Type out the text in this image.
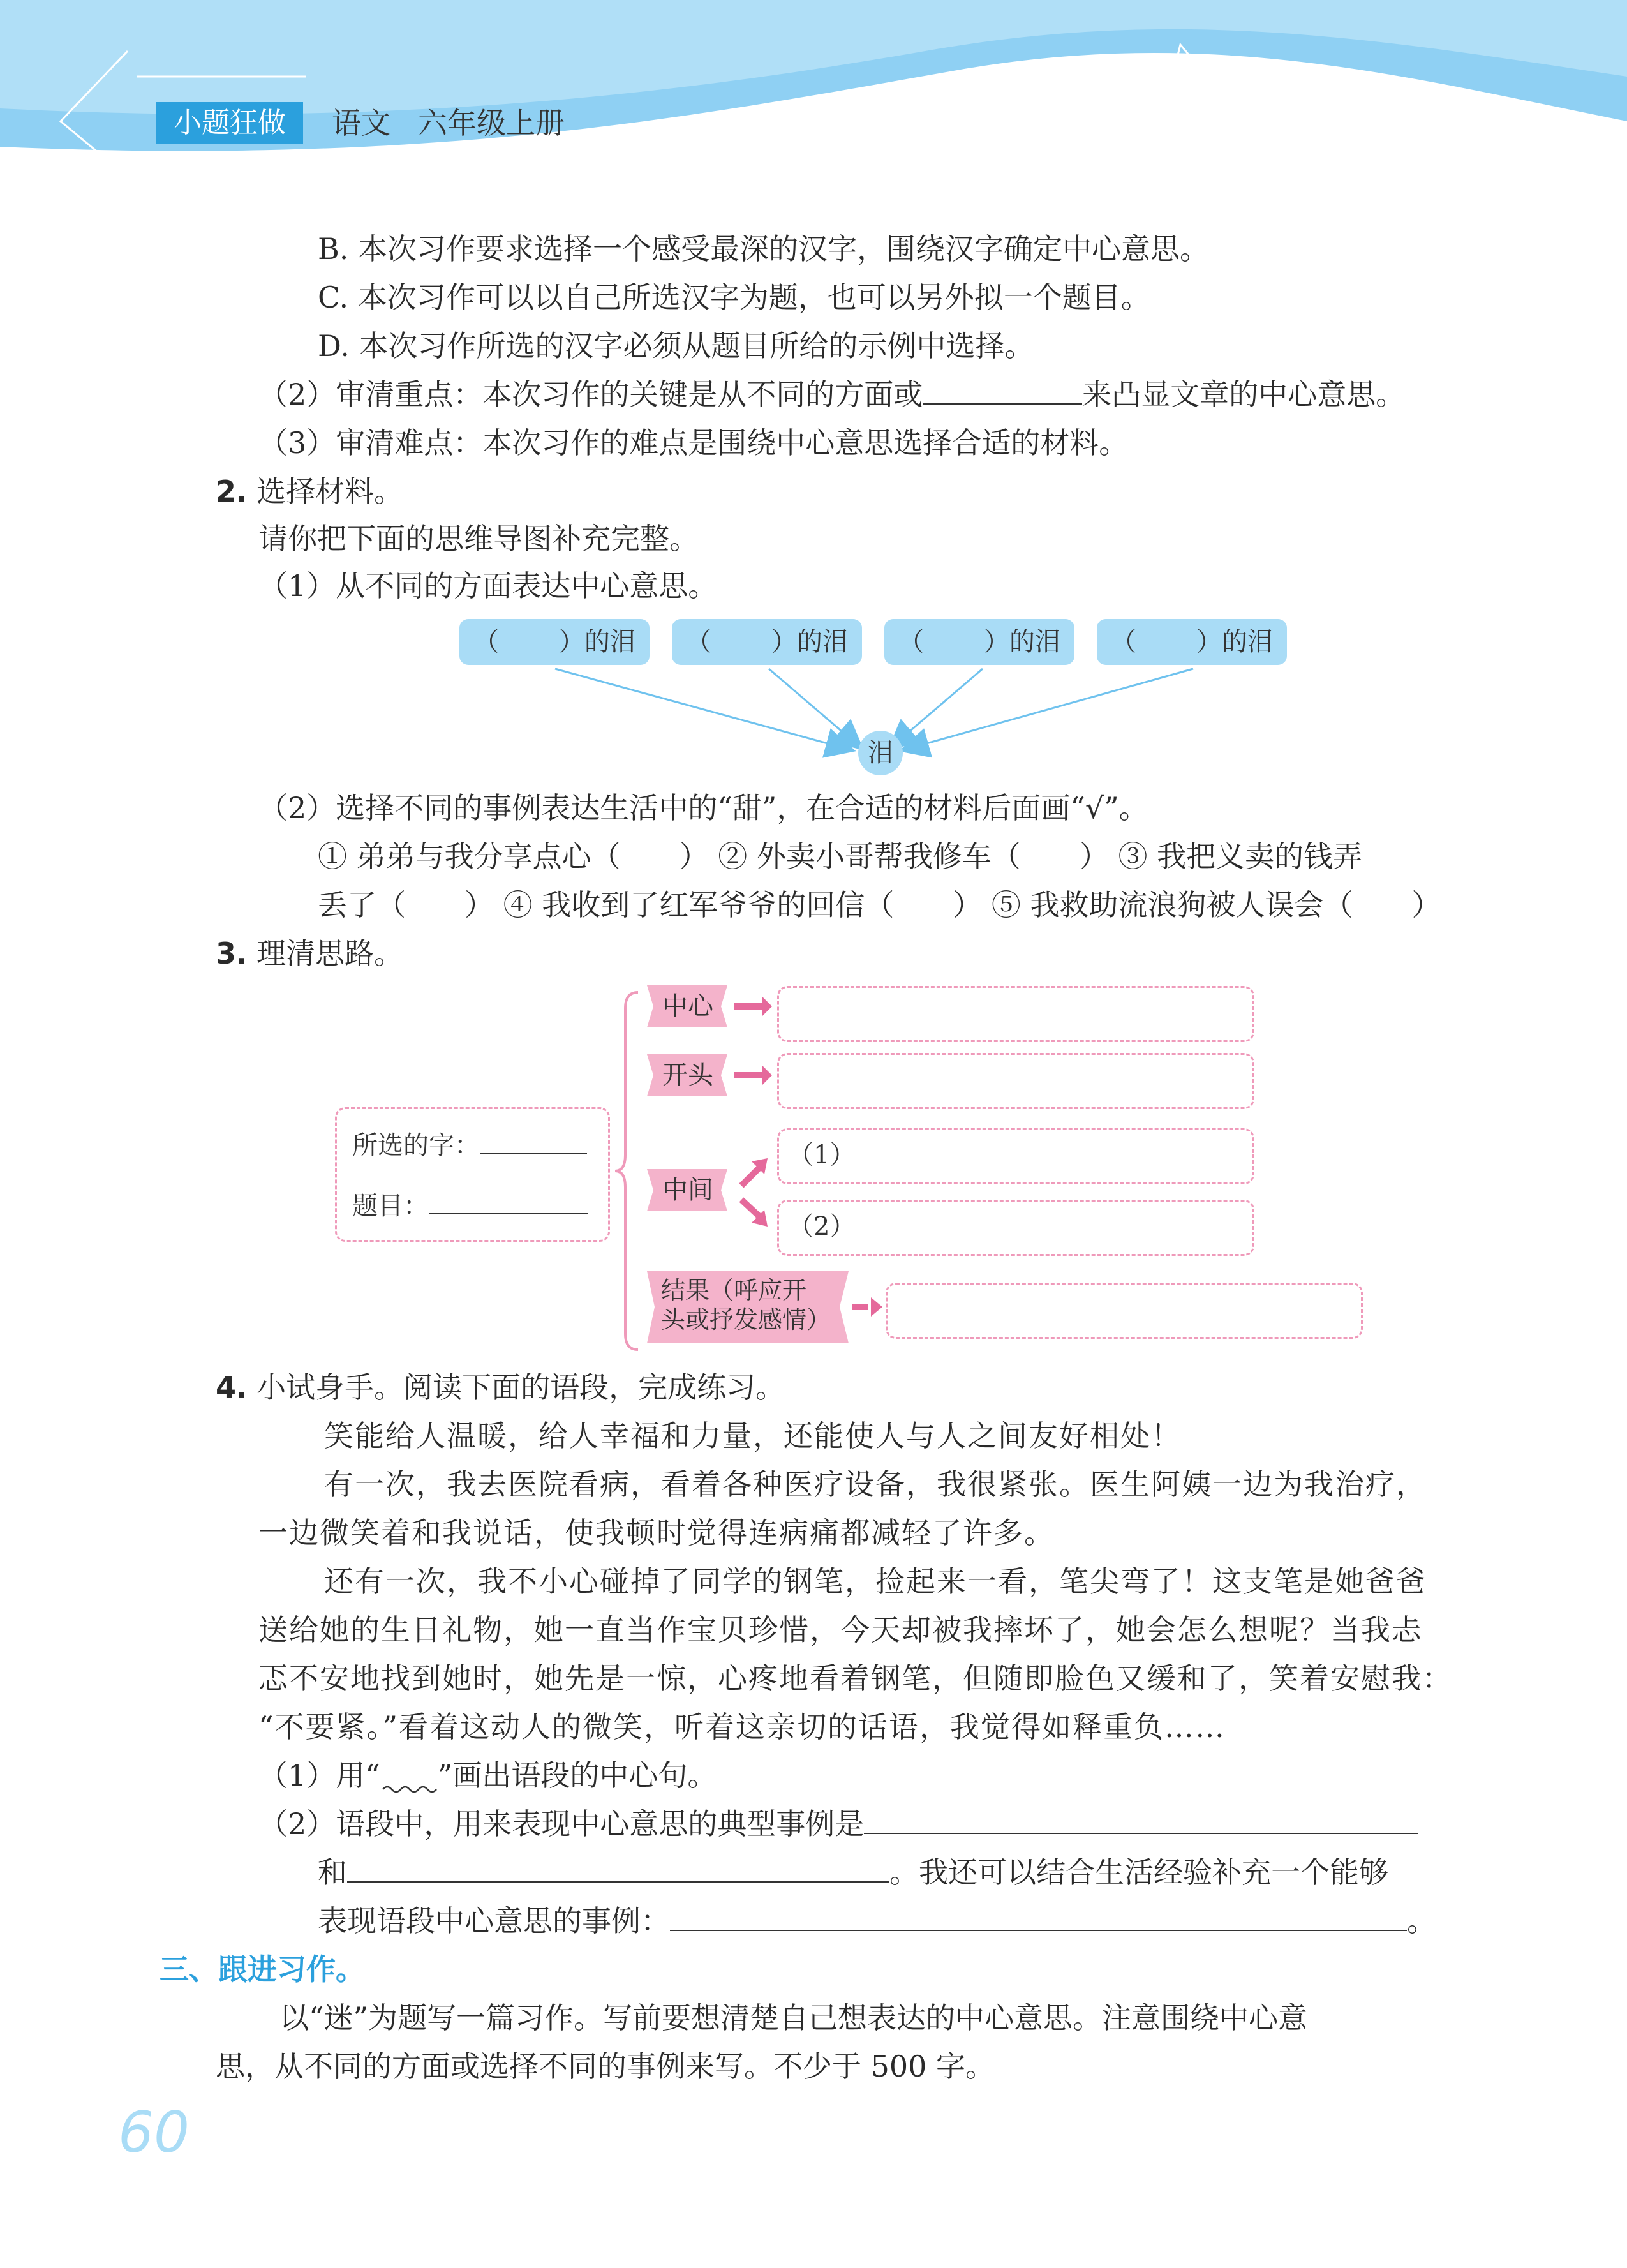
小题狂做	语文 六年级上册
B. 本次习作要求选择一个感受最深的汉字，围绕汉字确定中心意思。
C. 本次习作可以以自己所选汉字为题，也可以另外拟一个题目。
D. 本次习作所选的汉字必须从题目所给的示例中选择。
（2）审清重点：本次习作的关键是从不同的方面或	来凸显文章的中心意思。
（3）审清难点：本次习作的难点是围绕中心意思选择合适的材料。
2. 选择材料。
请你把下面的思维导图补充完整。
（1）从不同的方面表达中心意思。
（ ）的泪 （ ）的泪 （ ）的泪 （ ）的泪
泪
（2）选择不同的事例表达生活中的“甜”，在合适的材料后面画“√”。
① 弟弟与我分享点心（　　） ② 外卖小哥帮我修车（　　） ③ 我把义卖的钱弄
丢了（　　） ④ 我收到了红军爷爷的回信（　　） ⑤ 我救助流浪狗被人误会（　　）
3. 理清思路。
所选的字：
题目：
中心
开头
中间
结果（呼应开
头或抒发感情）
（1）
（2）
4. 小试身手。阅读下面的语段，完成练习。
笑能给人温暖，给人幸福和力量，还能使人与人之间友好相处！
有一次，我去医院看病，看着各种医疗设备，我很紧张。医生阿姨一边为我治疗，
一边微笑着和我说话，使我顿时觉得连病痛都减轻了许多。
还有一次，我不小心碰掉了同学的钢笔，捡起来一看，笔尖弯了！这支笔是她爸爸
送给她的生日礼物，她一直当作宝贝珍惜，今天却被我摔坏了，她会怎么想呢？当我忐
忑不安地找到她时，她先是一惊，心疼地看着钢笔，但随即脸色又缓和了，笑着安慰我：
“不要紧。”看着这动人的微笑，听着这亲切的话语，我觉得如释重负……
（1）用“ ”画出语段的中心句。
（2）语段中，用来表现中心意思的典型事例是
和	。我还可以结合生活经验补充一个能够
表现语段中心意思的事例：	。
三、跟进习作。
以“迷”为题写一篇习作。写前要想清楚自己想表达的中心意思。注意围绕中心意
思，从不同的方面或选择不同的事例来写。不少于 500 字。
60
